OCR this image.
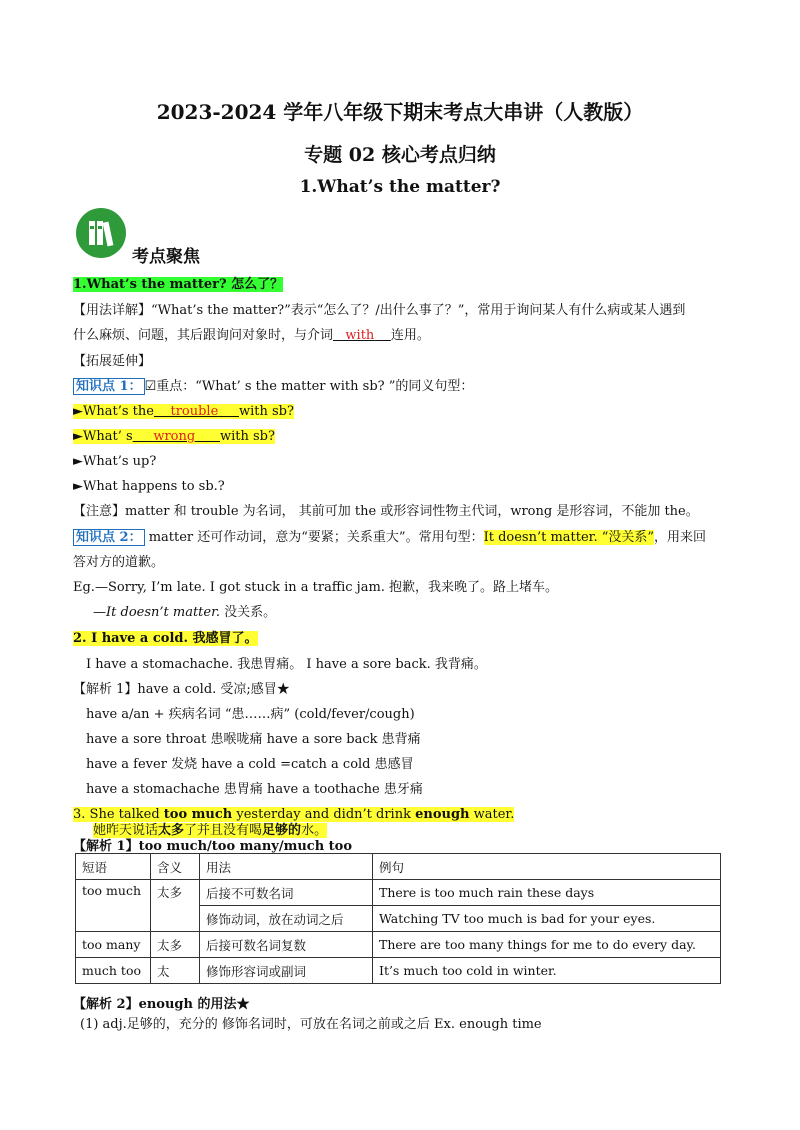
2023-2024 学年八年级下期末考点大串讲（人教版）
专题 02 核心考点归纳
1.What’s the matter?
考点聚焦
1.What’s the matter? 怎么了？
【用法详解】“What’s the matter?”表示“怎么了？/出什么事了？”，常用于询问某人有什么病或某人遇到
什么麻烦、问题，其后跟询问对象时，与介词 with 连用。
【拓展延伸】
知识点 1： ☑重点：“What’ s the matter with sb? ”的同义句型：
►What’s the trouble with sb?
►What’ s wrong with sb?
►What’s up?
►What happens to sb.?
【注意】matter 和 trouble 为名词， 其前可加 the 或形容词性物主代词，wrong 是形容词，不能加 the。
知识点 2： matter 还可作动词，意为“要紧；关系重大”。常用句型：It doesn’t matter. “没关系”，用来回
答对方的道歉。
Eg.—Sorry, I’m late. I got stuck in a traffic jam. 抱歉，我来晚了。路上堵车。
—It doesn’t matter. 没关系。
2. I have a cold. 我感冒了。
I have a stomachache. 我患胃痛。 I have a sore back. 我背痛。
【解析 1】have a cold. 受凉;感冒★
have a/an + 疾病名词 “患……病” (cold/fever/cough)
have a sore throat 患喉咙痛 have a sore back 患背痛
have a fever 发烧 have a cold =catch a cold 患感冒
have a stomachache 患胃痛 have a toothache 患牙痛
3. She talked too much yesterday and didn’t drink enough water.
她昨天说话太多了并且没有喝足够的水。
【解析 1】too much/too many/much too
短语	含义	用法	例句
too much	太多	后接不可数名词	There is too much rain these days
		修饰动词，放在动词之后	Watching TV too much is bad for your eyes.
too many	太多	后接可数名词复数	There are too many things for me to do every day.
much too	太	修饰形容词或副词	It’s much too cold in winter.
【解析 2】enough 的用法★
(1) adj.足够的，充分的 修饰名词时，可放在名词之前或之后 Ex. enough time
